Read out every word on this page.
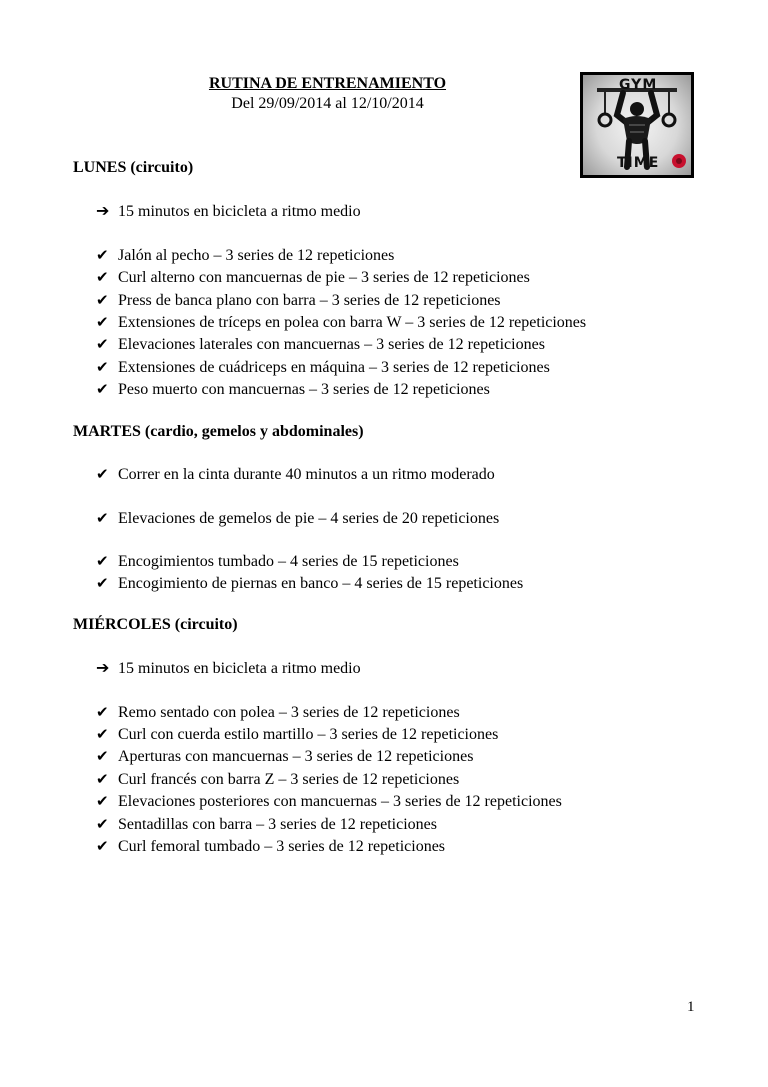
RUTINA DE ENTRENAMIENTO
Del 29/09/2014 al 12/10/2014
GYM
TIME
LUNES (circuito)
➔ 15 minutos en bicicleta a ritmo medio
✔ Jalón al pecho – 3 series de 12 repeticiones
✔ Curl alterno con mancuernas de pie – 3 series de 12 repeticiones
✔ Press de banca plano con barra – 3 series de 12 repeticiones
✔ Extensiones de tríceps en polea con barra W – 3 series de 12 repeticiones
✔ Elevaciones laterales con mancuernas – 3 series de 12 repeticiones
✔ Extensiones de cuádriceps en máquina – 3 series de 12 repeticiones
✔ Peso muerto con mancuernas – 3 series de 12 repeticiones
MARTES (cardio, gemelos y abdominales)
✔ Correr en la cinta durante 40 minutos a un ritmo moderado
✔ Elevaciones de gemelos de pie – 4 series de 20 repeticiones
✔ Encogimientos tumbado – 4 series de 15 repeticiones
✔ Encogimiento de piernas en banco – 4 series de 15 repeticiones
MIÉRCOLES (circuito)
➔ 15 minutos en bicicleta a ritmo medio
✔ Remo sentado con polea – 3 series de 12 repeticiones
✔ Curl con cuerda estilo martillo – 3 series de 12 repeticiones
✔ Aperturas con mancuernas – 3 series de 12 repeticiones
✔ Curl francés con barra Z – 3 series de 12 repeticiones
✔ Elevaciones posteriores con mancuernas – 3 series de 12 repeticiones
✔ Sentadillas con barra – 3 series de 12 repeticiones
✔ Curl femoral tumbado – 3 series de 12 repeticiones
1
